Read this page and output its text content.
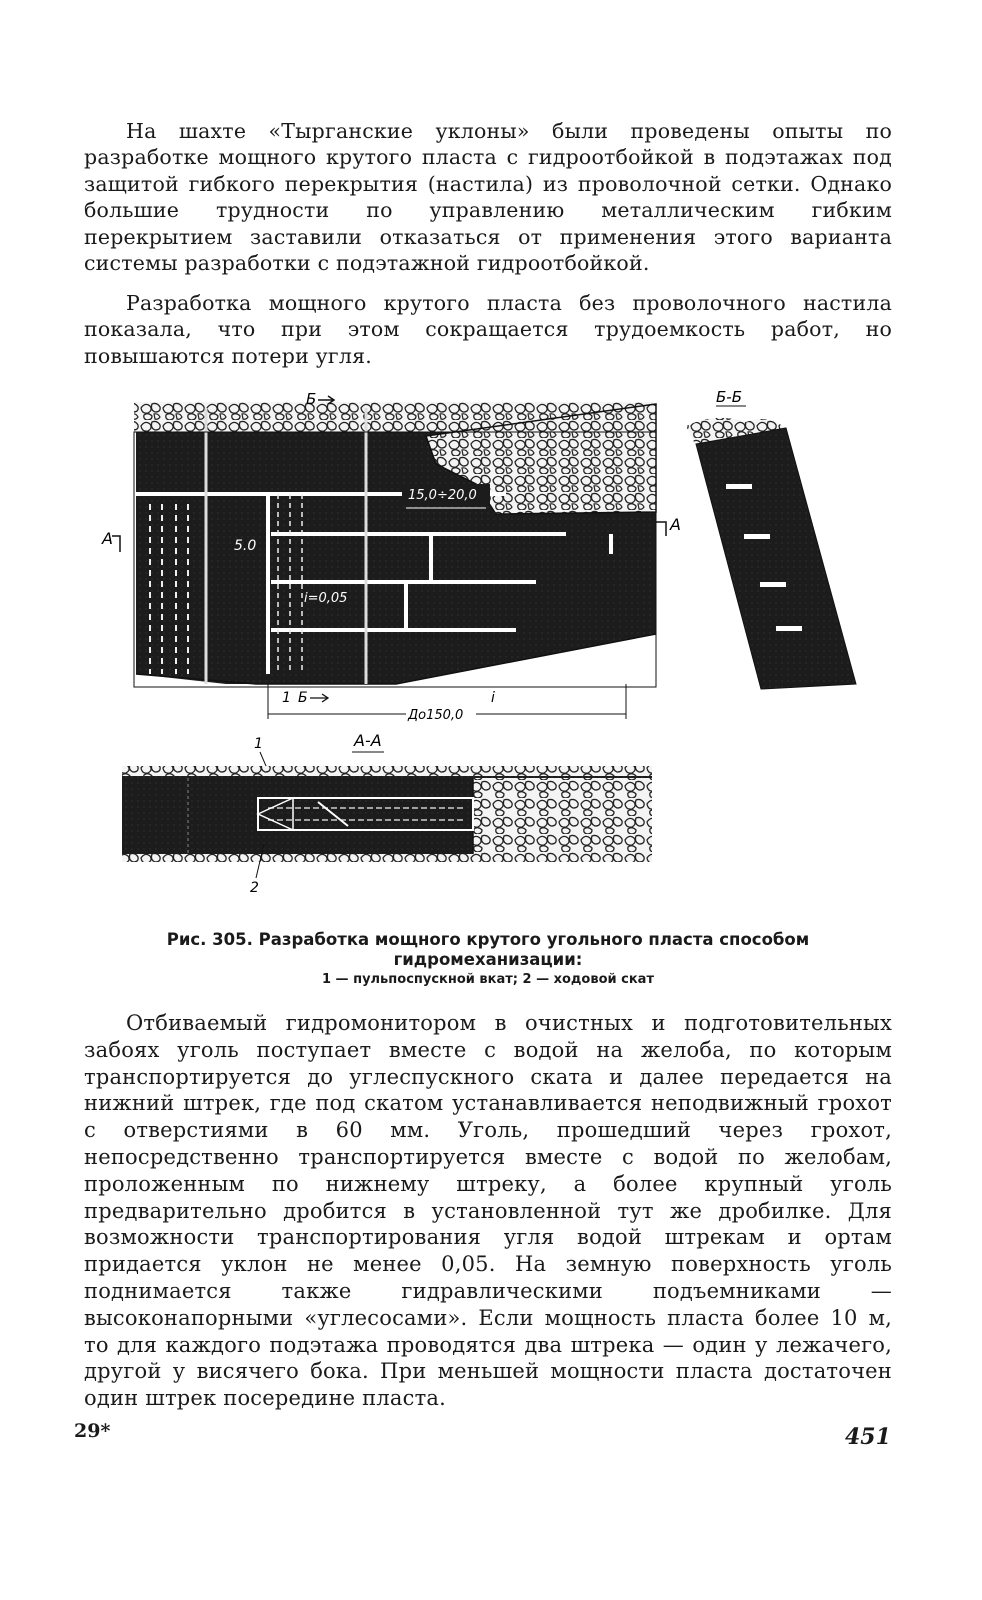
На шахте «Тырганские уклоны» были проведены опыты по разработке мощного крутого пласта с гидроотбойкой в подэтажах под защитой гибкого перекрытия (настила) из проволочной сетки. Однако большие трудности по управлению металлическим гибким перекрытием заставили отказаться от применения этого варианта системы разработки с подэтажной гидроотбойкой.

Разработка мощного крутого пласта без проволочного настила показала, что при этом сокращается трудоемкость работ, но повышаются потери угля.

15,0÷20,0
5.0
i=0,05
Б
А
А
1 Б	i
До150,0
Б-Б
А-А
1
2
Рис. 305. Разработка мощного крутого угольного пласта способом гидромеханизации:
1 — пульпоспускной вкат; 2 — ходовой скат

Отбиваемый гидромонитором в очистных и подготовительных забоях уголь поступает вместе с водой на желоба, по которым транспортируется до углеспускного ската и далее передается на нижний штрек, где под скатом устанавливается неподвижный грохот с отверстиями в 60 мм. Уголь, прошедший через грохот, непосредственно транспортируется вместе с водой по желобам, проложенным по нижнему штреку, а более крупный уголь предварительно дробится в установленной тут же дробилке. Для возможности транспортирования угля водой штрекам и ортам придается уклон не менее 0,05. На земную поверхность уголь поднимается также гидравлическими подъемниками — высоконапорными «углесосами». Если мощность пласта более 10 м, то для каждого подэтажа проводятся два штрека — один у лежачего, другой у висячего бока. При меньшей мощности пласта достаточен один штрек посередине пласта.

29*	451
